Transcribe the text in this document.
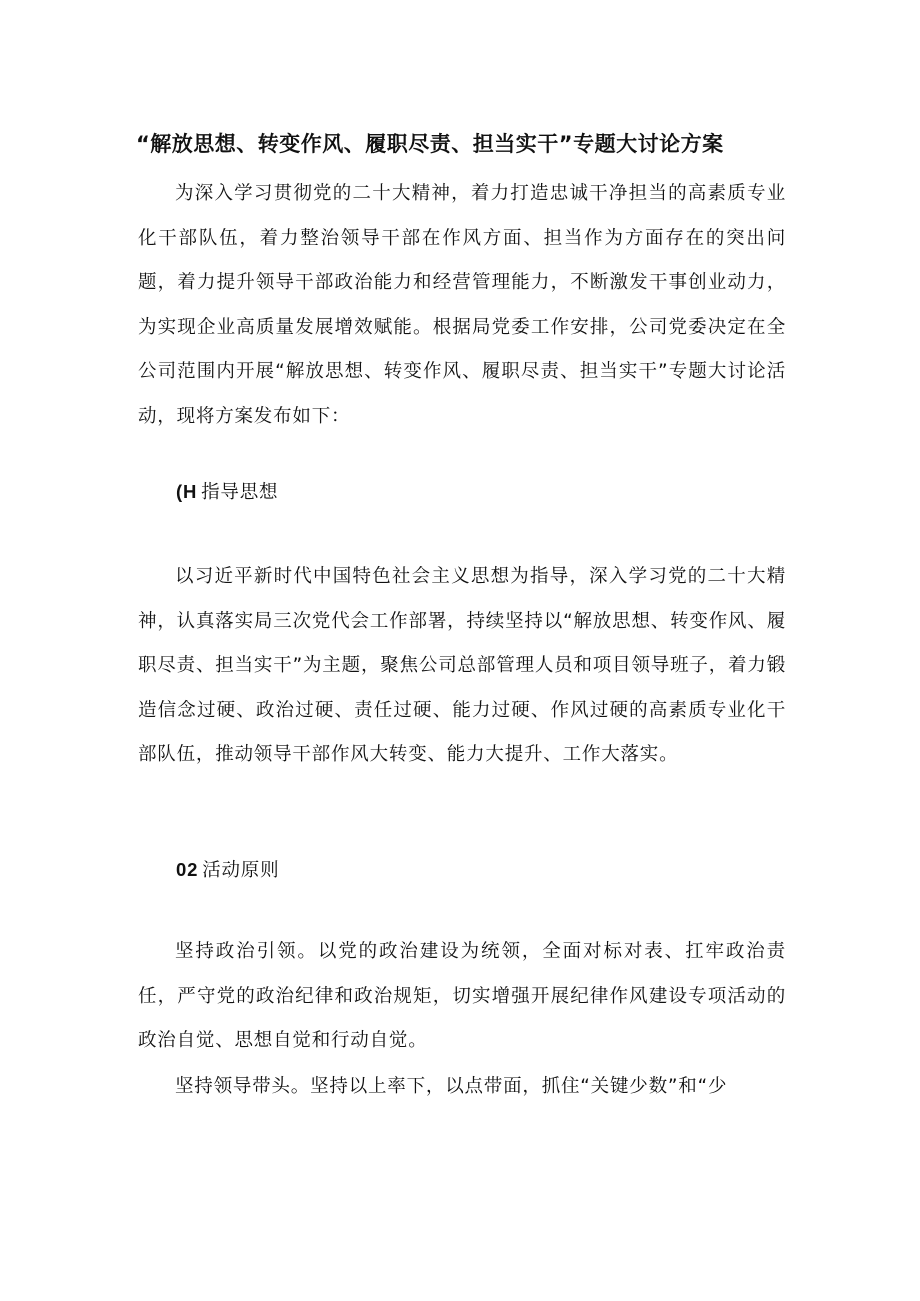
“解放思想、转变作风、履职尽责、担当实干”专题大讨论方案

为深入学习贯彻党的二十大精神，着力打造忠诚干净担当的高素质专业化干部队伍，着力整治领导干部在作风方面、担当作为方面存在的突出问题，着力提升领导干部政治能力和经营管理能力，不断激发干事创业动力，为实现企业高质量发展增效赋能。根据局党委工作安排，公司党委决定在全公司范围内开展“解放思想、转变作风、履职尽责、担当实干”专题大讨论活动，现将方案发布如下：

(H 指导思想

以习近平新时代中国特色社会主义思想为指导，深入学习党的二十大精神，认真落实局三次党代会工作部署，持续坚持以“解放思想、转变作风、履职尽责、担当实干”为主题，聚焦公司总部管理人员和项目领导班子，着力锻造信念过硬、政治过硬、责任过硬、能力过硬、作风过硬的高素质专业化干部队伍，推动领导干部作风大转变、能力大提升、工作大落实。

02 活动原则

坚持政治引领。以党的政治建设为统领，全面对标对表、扛牢政治责任，严守党的政治纪律和政治规矩，切实增强开展纪律作风建设专项活动的政治自觉、思想自觉和行动自觉。

坚持领导带头。坚持以上率下，以点带面，抓住“关键少数”和“少
